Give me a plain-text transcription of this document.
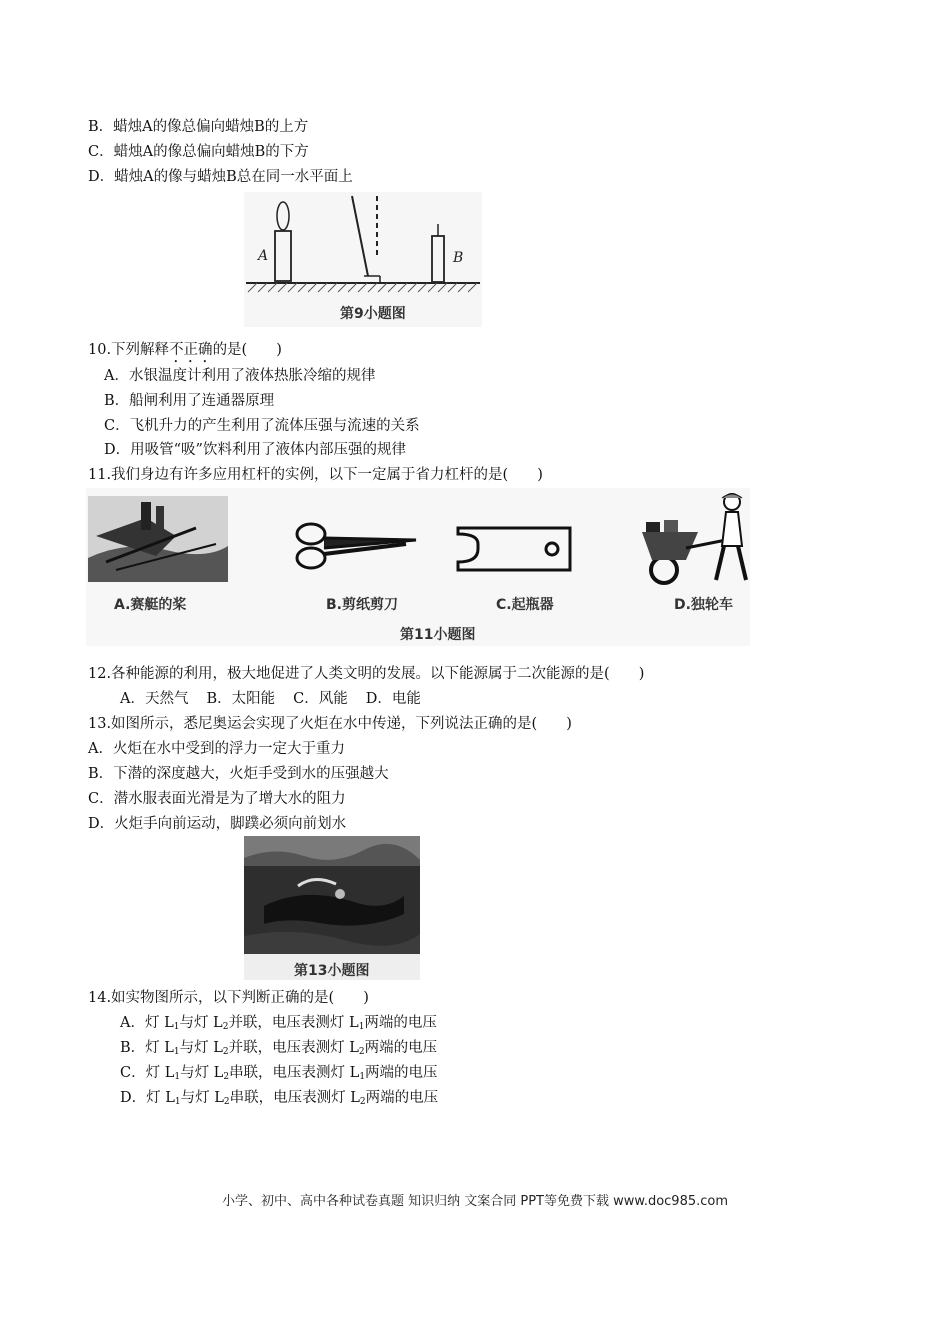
B．蜡烛A的像总偏向蜡烛B的上方
C．蜡烛A的像总偏向蜡烛B的下方
D．蜡烛A的像与蜡烛B总在同一水平面上
A	B
第9小题图
10.下列解释不正确的是(　　)
A．水银温度计利用了液体热胀冷缩的规律
B．船闸利用了连通器原理
C．飞机升力的产生利用了流体压强与流速的关系
D．用吸管“吸”饮料利用了液体内部压强的规律
11.我们身边有许多应用杠杆的实例，以下一定属于省力杠杆的是(　　)
A.赛艇的桨	B.剪纸剪刀	C.起瓶器	D.独轮车
第11小题图
12.各种能源的利用，极大地促进了人类文明的发展。以下能源属于二次能源的是(　　)
A．天然气 B．太阳能 C．风能 D．电能
13.如图所示，悉尼奥运会实现了火炬在水中传递，下列说法正确的是(　　)
A．火炬在水中受到的浮力一定大于重力
B．下潜的深度越大，火炬手受到水的压强越大
C．潜水服表面光滑是为了增大水的阻力
D．火炬手向前运动，脚蹼必须向前划水
第13小题图
14.如实物图所示，以下判断正确的是(　　)
A．灯 $L_1$与灯 $L_2$并联，电压表测灯 $L_1$两端的电压
B．灯 $L_1$与灯 $L_2$并联，电压表测灯 $L_2$两端的电压
C．灯 $L_1$与灯 $L_2$串联，电压表测灯 $L_1$两端的电压
D．灯 $L_1$与灯 $L_2$串联，电压表测灯 $L_2$两端的电压
小学、初中、高中各种试卷真题 知识归纳 文案合同 PPT等免费下载 www.doc985.com
